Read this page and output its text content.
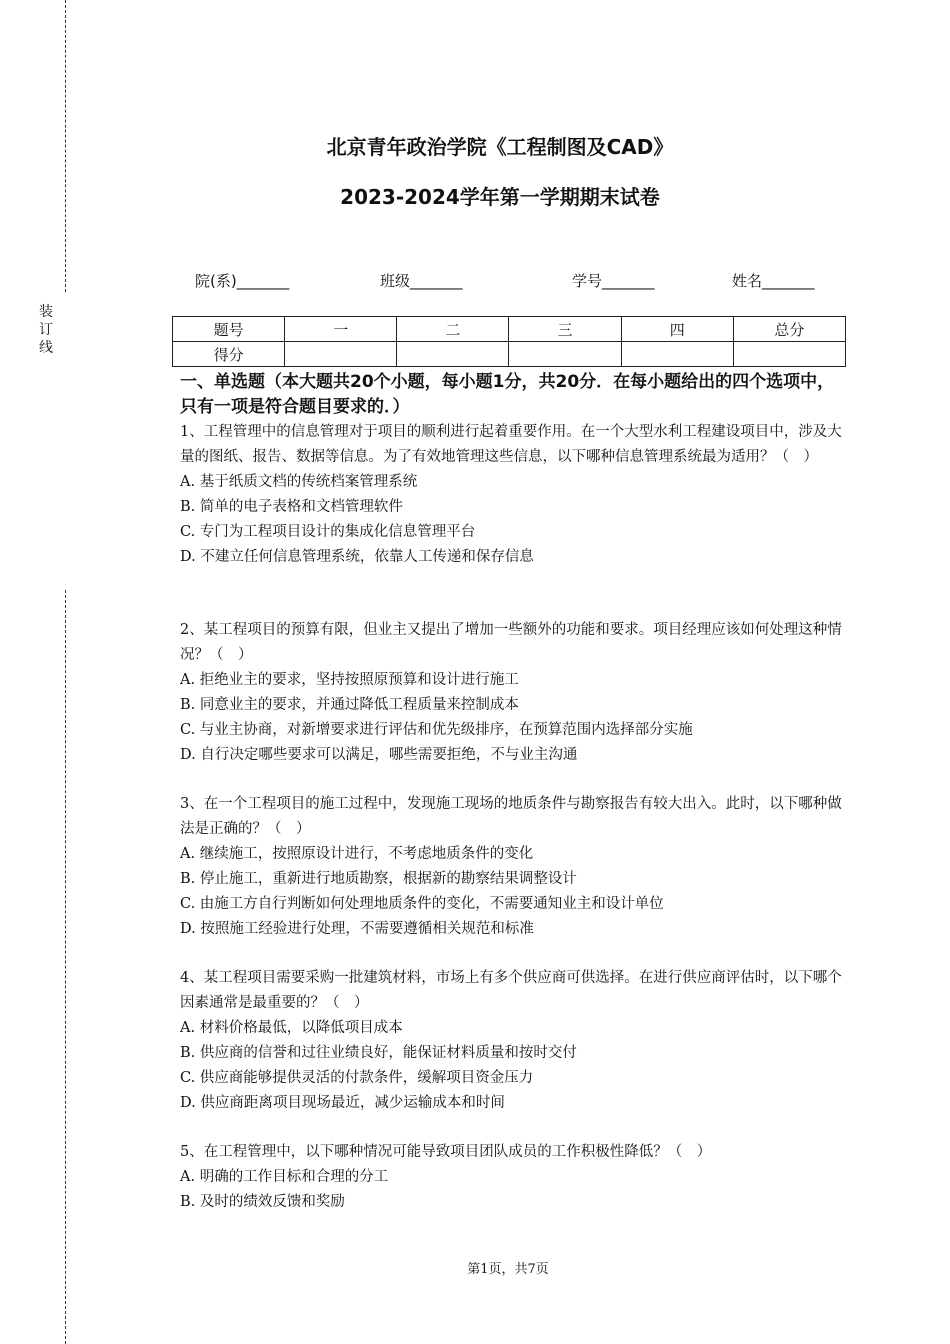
装
订
线
北京青年政治学院《工程制图及CAD》
2023-2024学年第一学期期末试卷
院(系)_______	班级_______	学号_______	姓名_______
题号	一	二	三	四	总分
得分					
一、单选题（本大题共20个小题，每小题1分，共20分．在每小题给出的四个选项中，只有一项是符合题目要求的．）

1、工程管理中的信息管理对于项目的顺利进行起着重要作用。在一个大型水利工程建设项目中，涉及大量的图纸、报告、数据等信息。为了有效地管理这些信息，以下哪种信息管理系统最为适用？（　）

A. 基于纸质文档的传统档案管理系统

B. 简单的电子表格和文档管理软件

C. 专门为工程项目设计的集成化信息管理平台

D. 不建立任何信息管理系统，依靠人工传递和保存信息

2、某工程项目的预算有限，但业主又提出了增加一些额外的功能和要求。项目经理应该如何处理这种情况？（　）

A. 拒绝业主的要求，坚持按照原预算和设计进行施工

B. 同意业主的要求，并通过降低工程质量来控制成本

C. 与业主协商，对新增要求进行评估和优先级排序，在预算范围内选择部分实施

D. 自行决定哪些要求可以满足，哪些需要拒绝，不与业主沟通

3、在一个工程项目的施工过程中，发现施工现场的地质条件与勘察报告有较大出入。此时，以下哪种做法是正确的？（　）

A. 继续施工，按照原设计进行，不考虑地质条件的变化

B. 停止施工，重新进行地质勘察，根据新的勘察结果调整设计

C. 由施工方自行判断如何处理地质条件的变化，不需要通知业主和设计单位

D. 按照施工经验进行处理，不需要遵循相关规范和标准

4、某工程项目需要采购一批建筑材料，市场上有多个供应商可供选择。在进行供应商评估时，以下哪个因素通常是最重要的？（　）

A. 材料价格最低，以降低项目成本

B. 供应商的信誉和过往业绩良好，能保证材料质量和按时交付

C. 供应商能够提供灵活的付款条件，缓解项目资金压力

D. 供应商距离项目现场最近，减少运输成本和时间

5、在工程管理中，以下哪种情况可能导致项目团队成员的工作积极性降低？（　）

A. 明确的工作目标和合理的分工

B. 及时的绩效反馈和奖励

第1页，共7页
